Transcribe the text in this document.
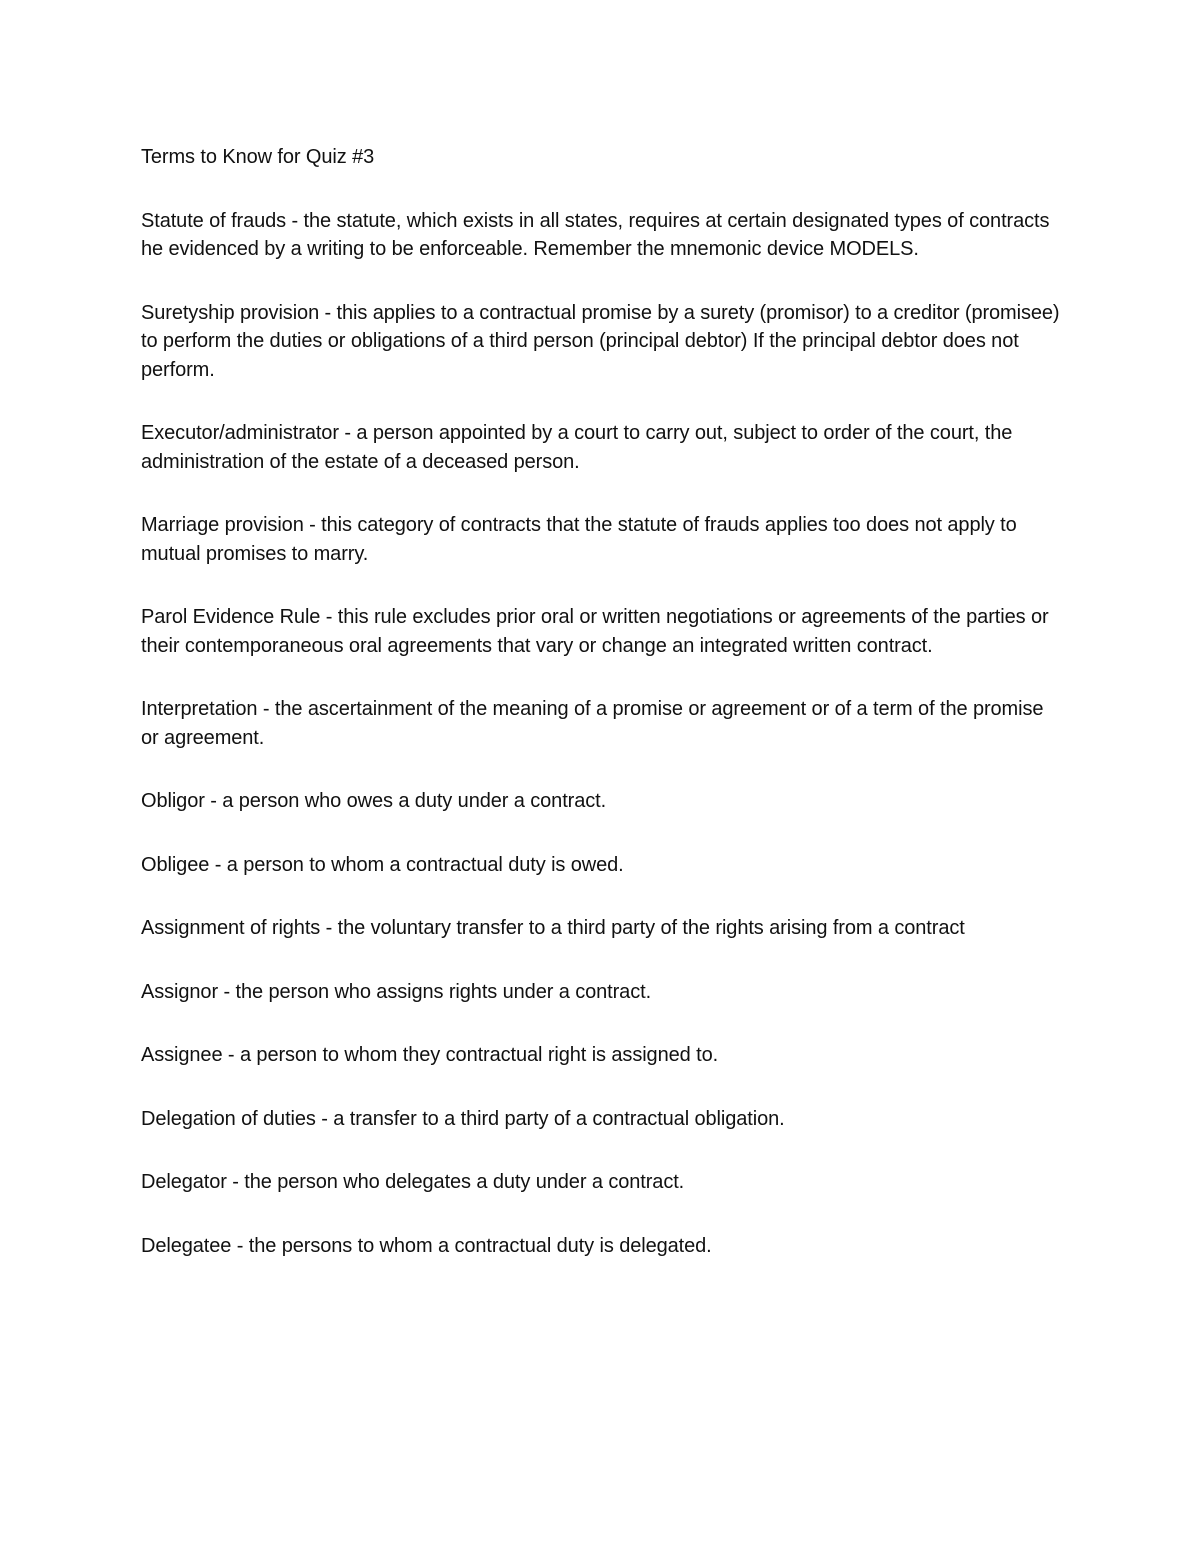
Terms to Know for Quiz #3

Statute of frauds - the statute, which exists in all states, requires at certain designated types of contracts he evidenced by a writing to be enforceable. Remember the mnemonic device MODELS.

Suretyship provision - this applies to a contractual promise by a surety (promisor) to a creditor (promisee) to perform the duties or obligations of a third person (principal debtor) If the principal debtor does not perform.

Executor/administrator - a person appointed by a court to carry out, subject to order of the court, the administration of the estate of a deceased person.

Marriage provision - this category of contracts that the statute of frauds applies too does not apply to mutual promises to marry.

Parol Evidence Rule - this rule excludes prior oral or written negotiations or agreements of the parties or their contemporaneous oral agreements that vary or change an integrated written contract.

Interpretation - the ascertainment of the meaning of a promise or agreement or of a term of the promise or agreement.

Obligor - a person who owes a duty under a contract.

Obligee - a person to whom a contractual duty is owed.

Assignment of rights - the voluntary transfer to a third party of the rights arising from a contract

Assignor - the person who assigns rights under a contract.

Assignee - a person to whom they contractual right is assigned to.

Delegation of duties - a transfer to a third party of a contractual obligation.

Delegator - the person who delegates a duty under a contract.

Delegatee - the persons to whom a contractual duty is delegated.
